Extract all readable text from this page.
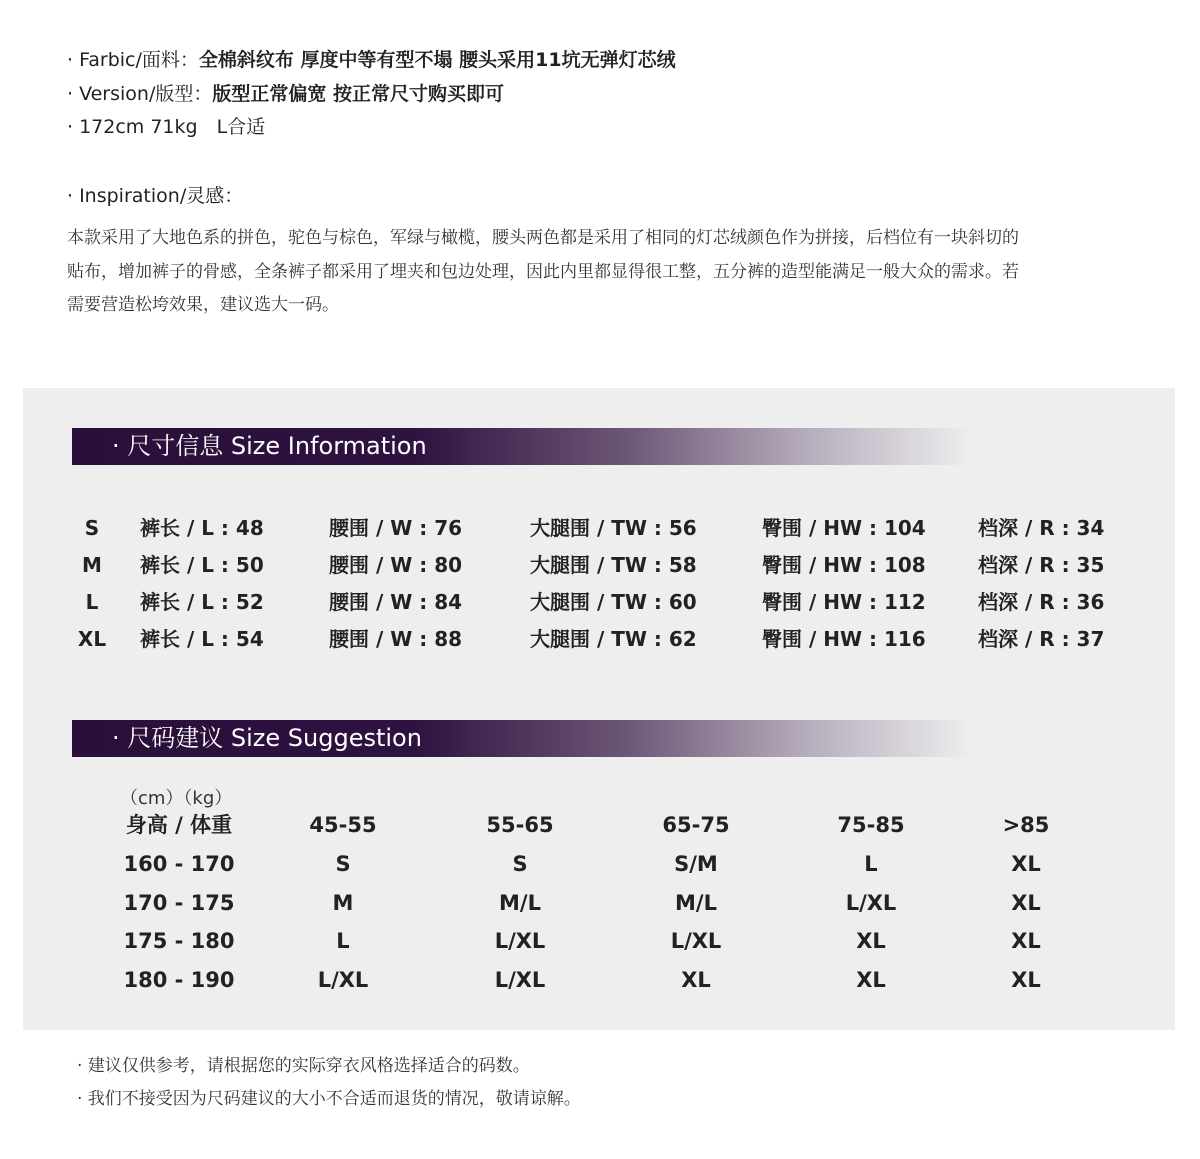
· Farbic/面料：全棉斜纹布 厚度中等有型不塌 腰头采用11坑无弹灯芯绒
· Version/版型：版型正常偏宽 按正常尺寸购买即可
· 172cm 71kg　L合适
· Inspiration/灵感：
本款采用了大地色系的拼色，驼色与棕色，军绿与橄榄，腰头两色都是采用了相同的灯芯绒颜色作为拼接，后档位有一块斜切的
贴布，增加裤子的骨感，全条裤子都采用了埋夹和包边处理，因此内里都显得很工整，五分裤的造型能满足一般大众的需求。若
需要营造松垮效果，建议选大一码。
· 尺寸信息 Size Information
S	裤长 / L : 48	腰围 / W : 76	大腿围 / TW : 56	臀围 / HW : 104	档深 / R : 34
M	裤长 / L : 50	腰围 / W : 80	大腿围 / TW : 58	臀围 / HW : 108	档深 / R : 35
L	裤长 / L : 52	腰围 / W : 84	大腿围 / TW : 60	臀围 / HW : 112	档深 / R : 36
XL	裤长 / L : 54	腰围 / W : 88	大腿围 / TW : 62	臀围 / HW : 116	档深 / R : 37
· 尺码建议 Size Suggestion
（cm）（kg）
身高 / 体重	45-55	55-65	65-75	75-85	>85
160 - 170	S	S	S/M	L	XL
170 - 175	M	M/L	M/L	L/XL	XL
175 - 180	L	L/XL	L/XL	XL	XL
180 - 190	L/XL	L/XL	XL	XL	XL
· 建议仅供参考，请根据您的实际穿衣风格选择适合的码数。
· 我们不接受因为尺码建议的大小不合适而退货的情况，敬请谅解。
